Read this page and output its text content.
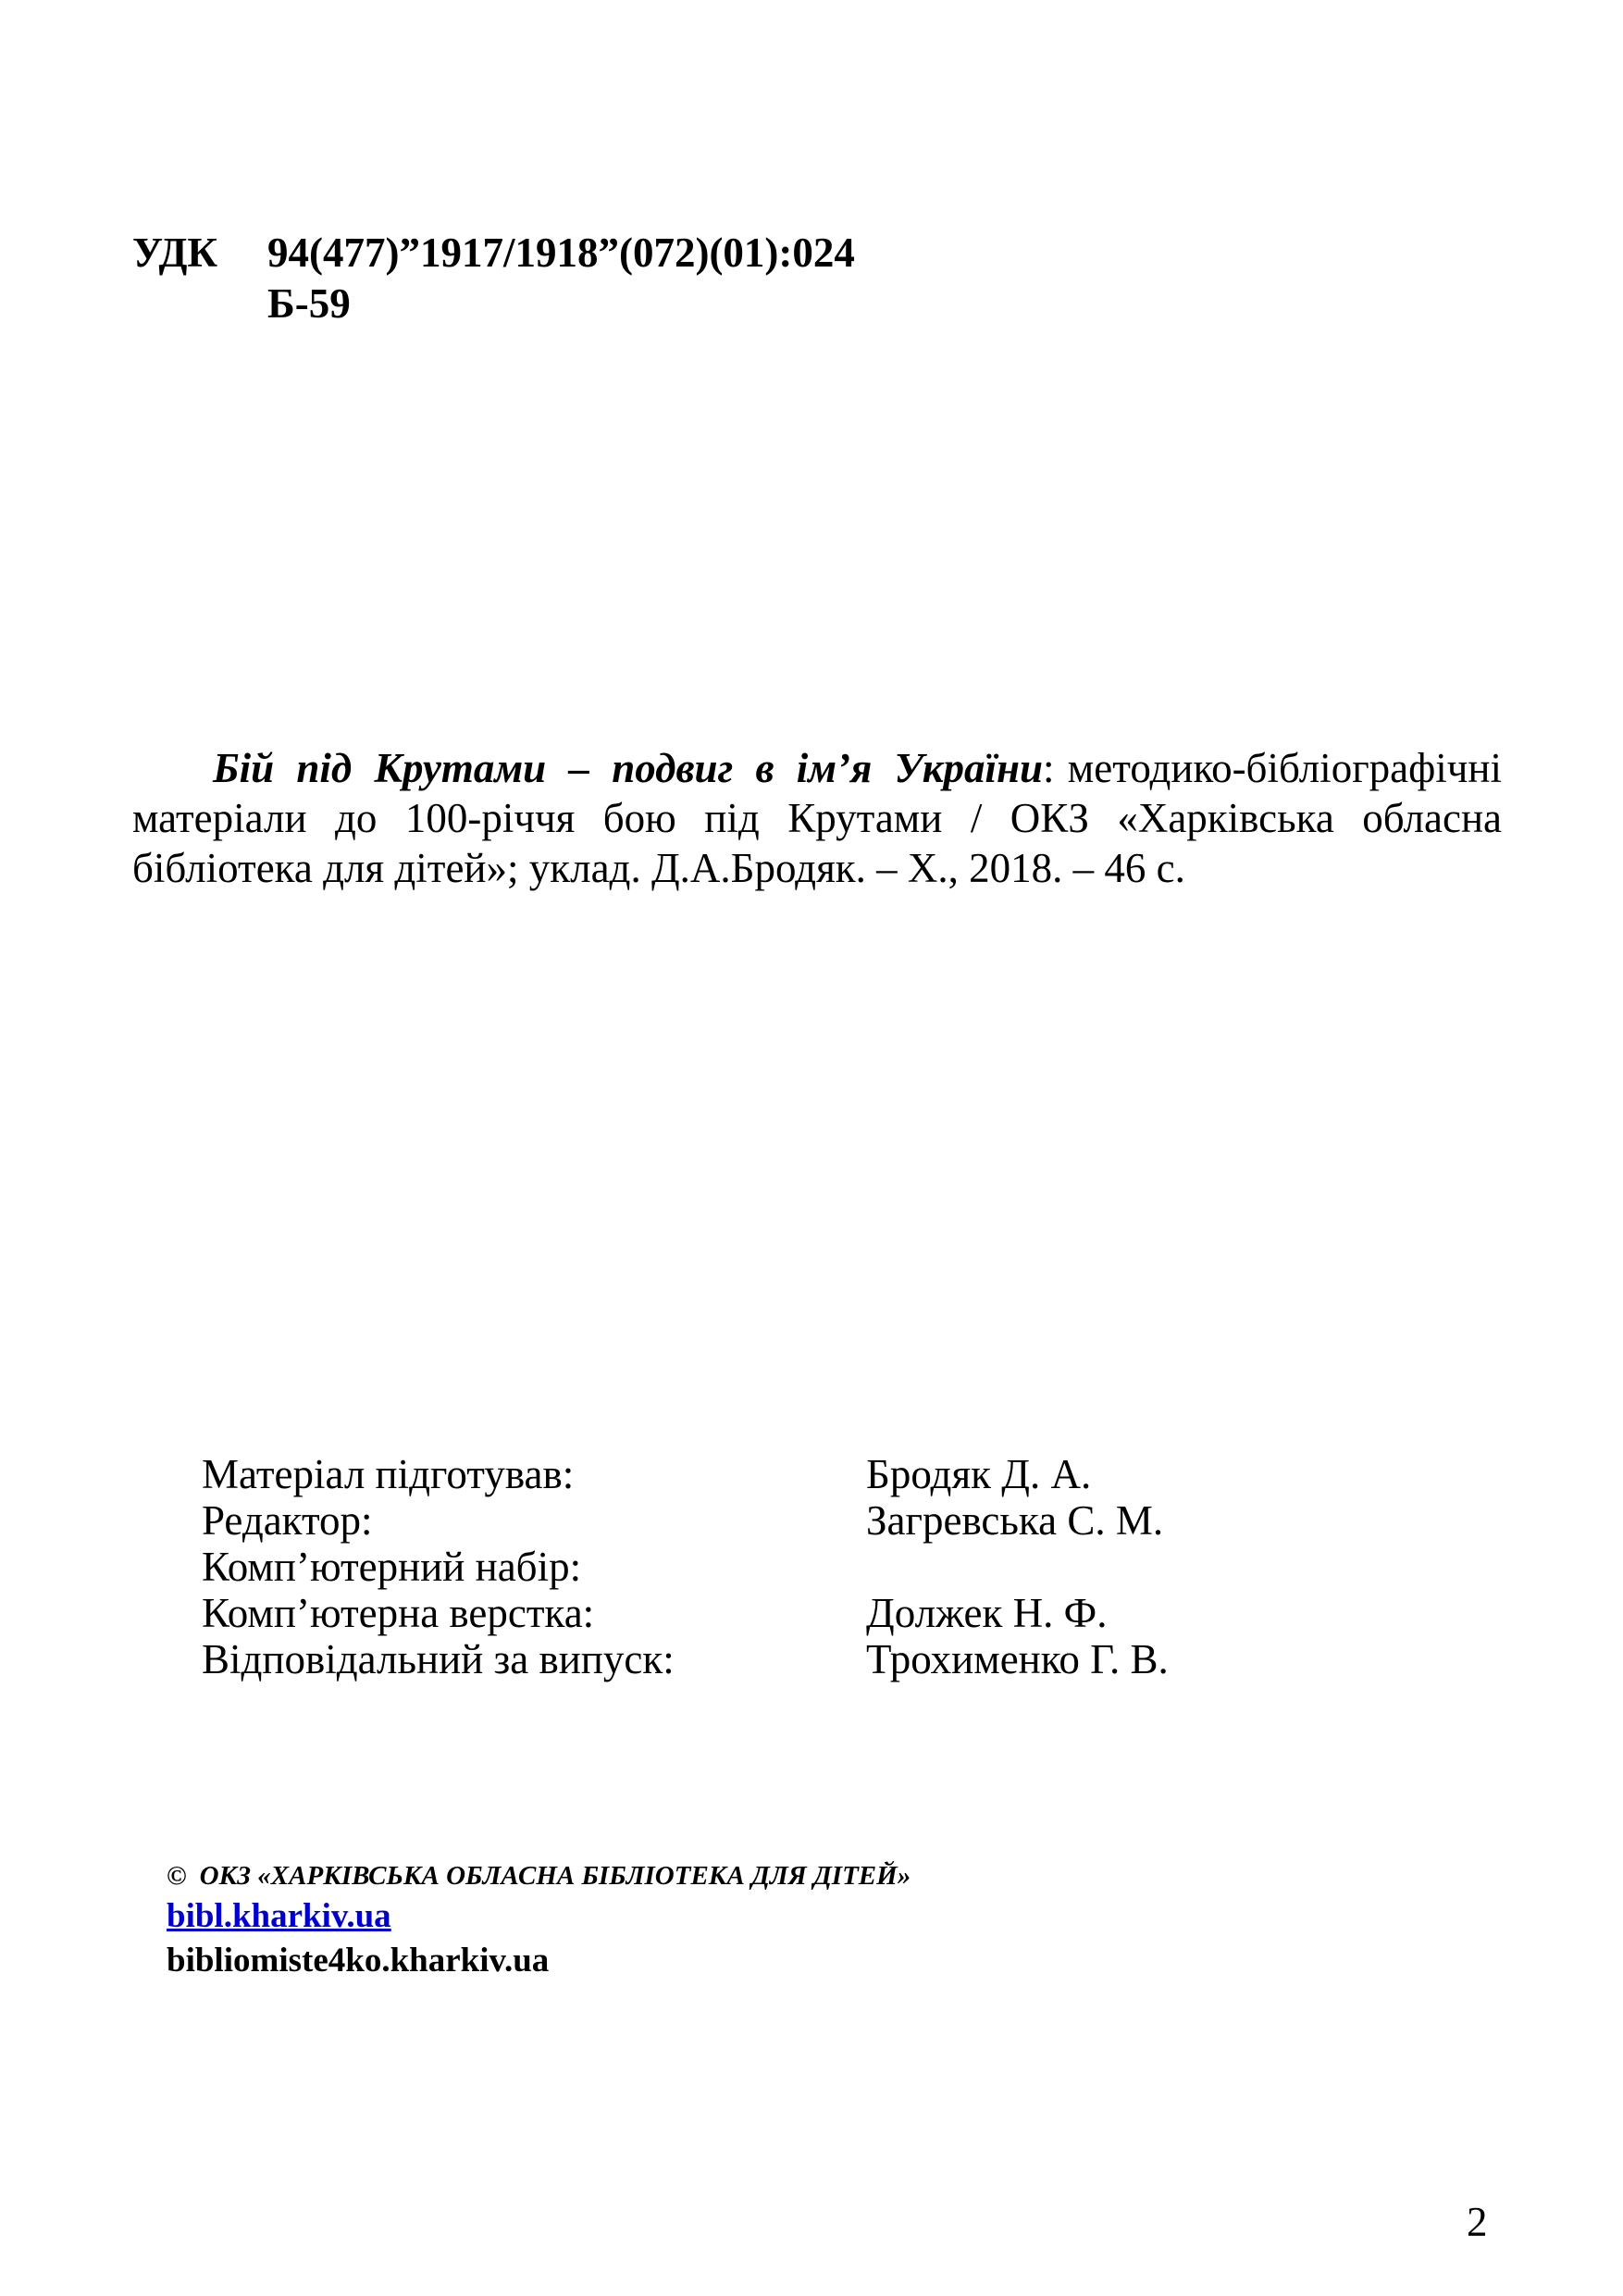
УДК 94(477)”1917/1918”(072)(01):024
Б-59

Бій під Крутами – подвиг в ім’я України: методико-бібліографічні матеріали до 100-річчя бою під Крутами / ОКЗ «Харківська обласна бібліотека для дітей»; уклад. Д.А.Бродяк. – Х., 2018. – 46 с.

Матеріал підготував:	Бродяк Д. А.
Редактор:	Загревська С. М.
Комп’ютерний набір:
Комп’ютерна верстка:	Должек Н. Ф.
Відповідальний за випуск:	Трохименко Г. В.
© ОКЗ «ХАРКІВСЬКА ОБЛАСНА БІБЛІОТЕКА ДЛЯ ДІТЕЙ»
bibl.kharkiv.ua
bibliomiste4ko.kharkiv.ua
2
